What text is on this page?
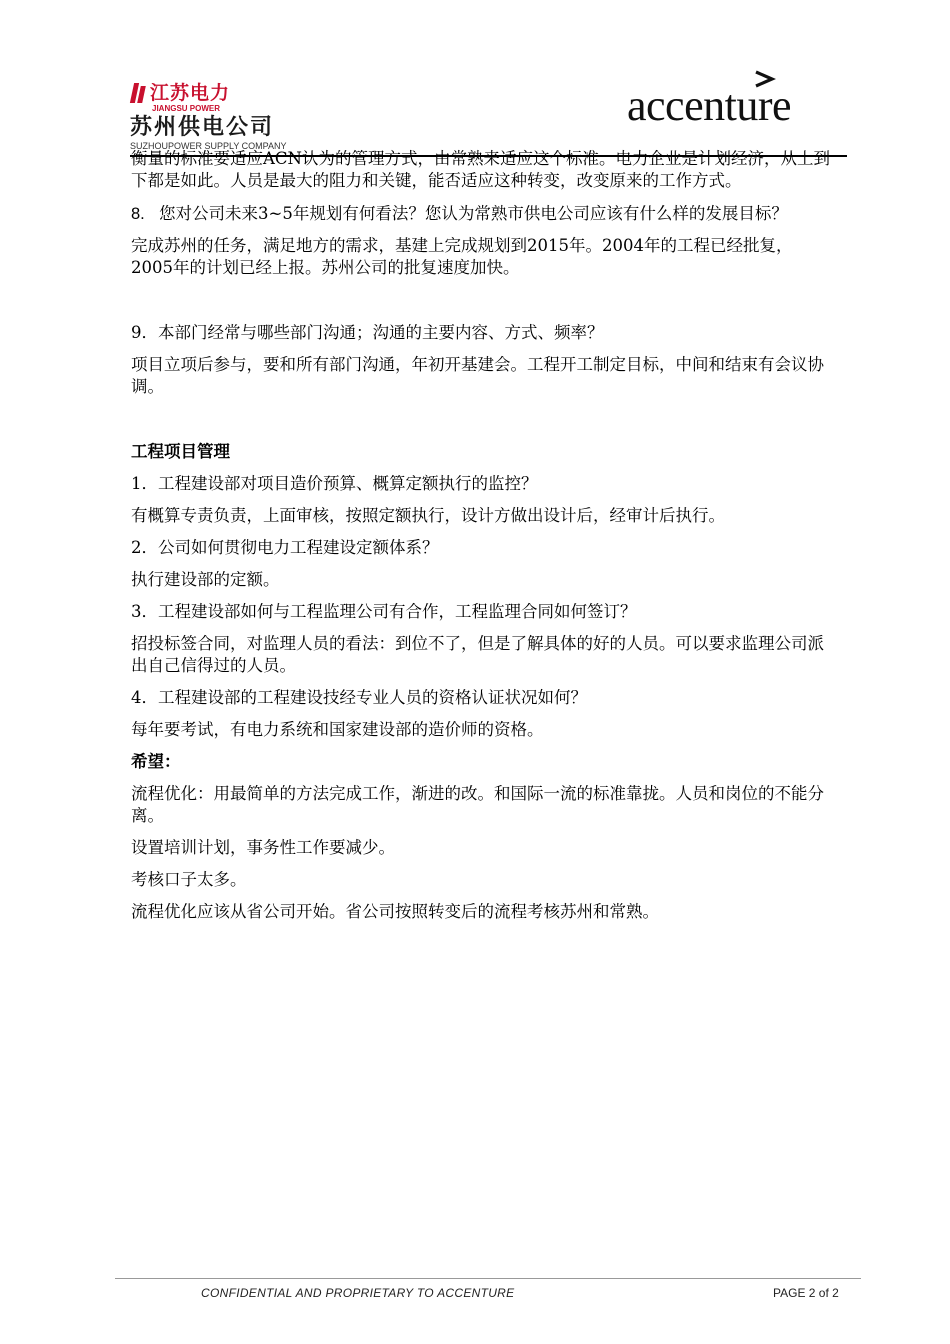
江苏电力
JIANGSU POWER
苏州供电公司
SUZHOUPOWER SUPPLY COMPANY
accenture

衡量的标准要适应ACN认为的管理方式，由常熟来适应这个标准。电力企业是计划经济，从上到下都是如此。人员是最大的阻力和关键，能否适应这种转变，改变原来的工作方式。

8. 您对公司未来3~5年规划有何看法？您认为常熟市供电公司应该有什么样的发展目标？

完成苏州的任务，满足地方的需求，基建上完成规划到2015年。2004年的工程已经批复，2005年的计划已经上报。苏州公司的批复速度加快。

9．本部门经常与哪些部门沟通；沟通的主要内容、方式、频率？

项目立项后参与，要和所有部门沟通，年初开基建会。工程开工制定目标，中间和结束有会议协调。

工程项目管理

1．工程建设部对项目造价预算、概算定额执行的监控？

有概算专责负责，上面审核，按照定额执行，设计方做出设计后，经审计后执行。

2．公司如何贯彻电力工程建设定额体系？

执行建设部的定额。

3．工程建设部如何与工程监理公司有合作，工程监理合同如何签订？

招投标签合同，对监理人员的看法：到位不了，但是了解具体的好的人员。可以要求监理公司派出自己信得过的人员。

4．工程建设部的工程建设技经专业人员的资格认证状况如何？

每年要考试，有电力系统和国家建设部的造价师的资格。

希望：

流程优化：用最简单的方法完成工作，渐进的改。和国际一流的标准靠拢。人员和岗位的不能分离。

设置培训计划，事务性工作要减少。

考核口子太多。

流程优化应该从省公司开始。省公司按照转变后的流程考核苏州和常熟。

CONFIDENTIAL AND PROPRIETARY TO ACCENTURE	PAGE 2 of 2
